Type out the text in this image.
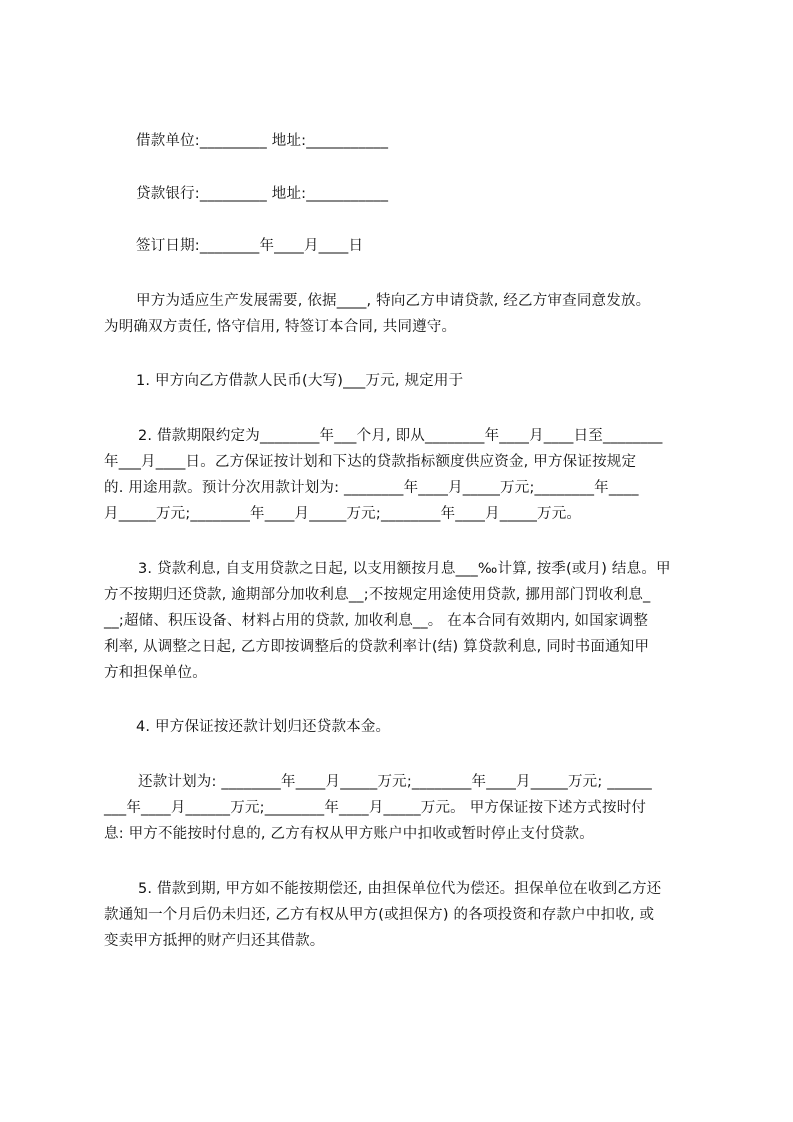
借款单位:_________ 地址:___________
贷款银行:_________ 地址:___________
签订日期:________年____月____日
甲方为适应生产发展需要, 依据____, 特向乙方申请贷款, 经乙方审查同意发放。
为明确双方责任, 恪守信用, 特签订本合同, 共同遵守。
1. 甲方向乙方借款人民币(大写)___万元, 规定用于
2. 借款期限约定为________年___个月, 即从________年____月____日至________
年___月____日。乙方保证按计划和下达的贷款指标额度供应资金, 甲方保证按规定
的. 用途用款。预计分次用款计划为: ________年____月_____万元;________年____
月_____万元;________年____月_____万元;________年____月_____万元。
3. 贷款利息, 自支用贷款之日起, 以支用额按月息___‰计算, 按季(或月) 结息。甲
方不按期归还贷款, 逾期部分加收利息__;不按规定用途使用贷款, 挪用部门罚收利息_
__;超储、积压设备、材料占用的贷款, 加收利息__。 在本合同有效期内, 如国家调整
利率, 从调整之日起, 乙方即按调整后的贷款利率计(结) 算贷款利息, 同时书面通知甲
方和担保单位。
4. 甲方保证按还款计划归还贷款本金。
还款计划为: ________年____月_____万元;________年____月_____万元; ______
___年____月______万元;________年____月_____万元。 甲方保证按下述方式按时付
息: 甲方不能按时付息的, 乙方有权从甲方账户中扣收或暂时停止支付贷款。
5. 借款到期, 甲方如不能按期偿还, 由担保单位代为偿还。担保单位在收到乙方还
款通知一个月后仍未归还, 乙方有权从甲方(或担保方) 的各项投资和存款户中扣收, 或
变卖甲方抵押的财产归还其借款。
